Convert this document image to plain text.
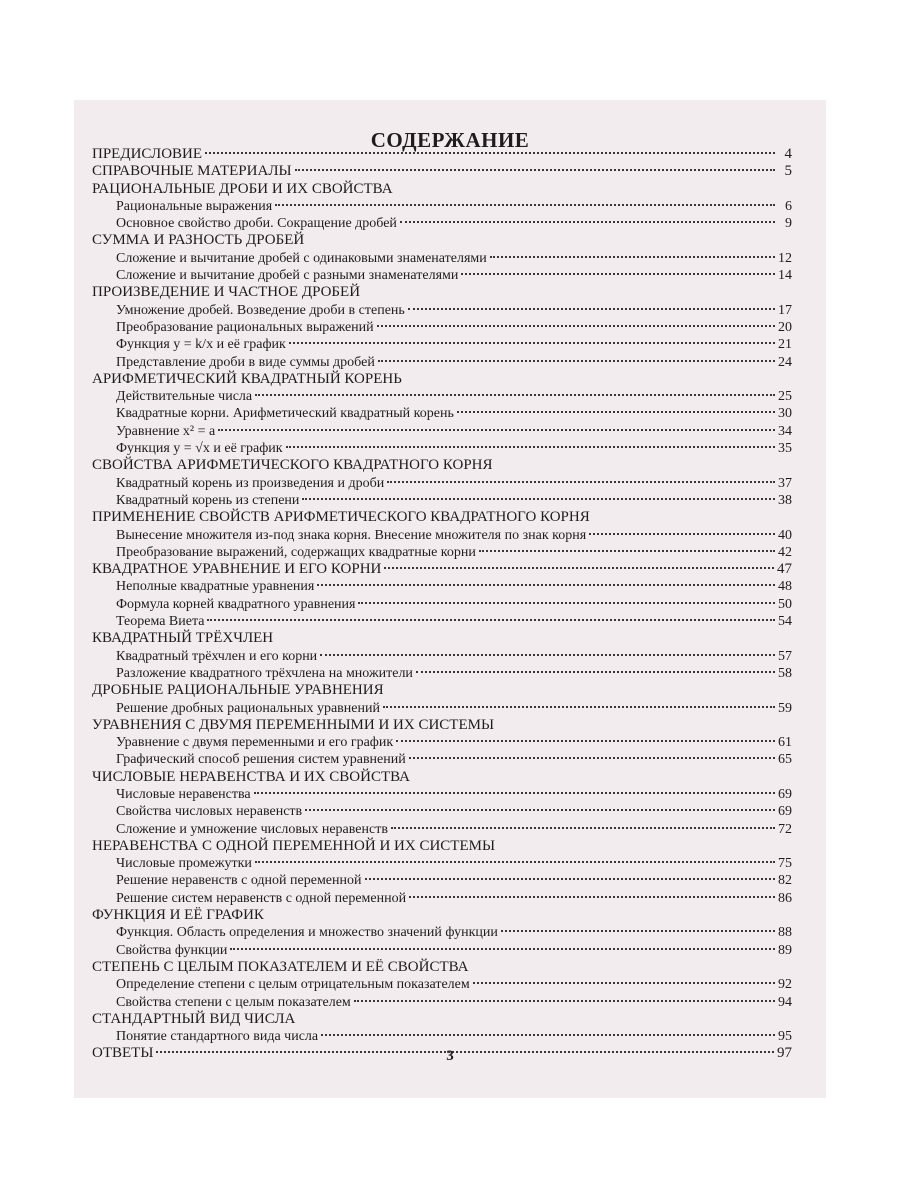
СОДЕРЖАНИЕ
ПРЕДИСЛОВИЕ	4
СПРАВОЧНЫЕ МАТЕРИАЛЫ	5
РАЦИОНАЛЬНЫЕ ДРОБИ И ИХ СВОЙСТВА
Рациональные выражения	6
Основное свойство дроби. Сокращение дробей	9
СУММА И РАЗНОСТЬ ДРОБЕЙ
Сложение и вычитание дробей с одинаковыми знаменателями	12
Сложение и вычитание дробей с разными знаменателями	14
ПРОИЗВЕДЕНИЕ И ЧАСТНОЕ ДРОБЕЙ
Умножение дробей. Возведение дроби в степень	17
Преобразование рациональных выражений	20
Функция y = k/x и её график	21
Представление дроби в виде суммы дробей	24
АРИФМЕТИЧЕСКИЙ КВАДРАТНЫЙ КОРЕНЬ
Действительные числа	25
Квадратные корни. Арифметический квадратный корень	30
Уравнение x² = a	34
Функция y = √x и её график	35
СВОЙСТВА АРИФМЕТИЧЕСКОГО КВАДРАТНОГО КОРНЯ
Квадратный корень из произведения и дроби	37
Квадратный корень из степени	38
ПРИМЕНЕНИЕ СВОЙСТВ АРИФМЕТИЧЕСКОГО КВАДРАТНОГО КОРНЯ
Вынесение множителя из-под знака корня. Внесение множителя по знак корня	40
Преобразование выражений, содержащих квадратные корни	42
КВАДРАТНОЕ УРАВНЕНИЕ И ЕГО КОРНИ	47
Неполные квадратные уравнения	48
Формула корней квадратного уравнения	50
Теорема Виета	54
КВАДРАТНЫЙ ТРЁХЧЛЕН
Квадратный трёхчлен и его корни	57
Разложение квадратного трёхчлена на множители	58
ДРОБНЫЕ РАЦИОНАЛЬНЫЕ УРАВНЕНИЯ
Решение дробных рациональных уравнений	59
УРАВНЕНИЯ С ДВУМЯ ПЕРЕМЕННЫМИ И ИХ СИСТЕМЫ
Уравнение с двумя переменными и его график	61
Графический способ решения систем уравнений	65
ЧИСЛОВЫЕ НЕРАВЕНСТВА И ИХ СВОЙСТВА
Числовые неравенства	69
Свойства числовых неравенств	69
Сложение и умножение числовых неравенств	72
НЕРАВЕНСТВА С ОДНОЙ ПЕРЕМЕННОЙ И ИХ СИСТЕМЫ
Числовые промежутки	75
Решение неравенств с одной переменной	82
Решение систем неравенств с одной переменной	86
ФУНКЦИЯ И ЕЁ ГРАФИК
Функция. Область определения и множество значений функции	88
Свойства функции	89
СТЕПЕНЬ С ЦЕЛЫМ ПОКАЗАТЕЛЕМ И ЕЁ СВОЙСТВА
Определение степени с целым отрицательным показателем	92
Свойства степени с целым показателем	94
СТАНДАРТНЫЙ ВИД ЧИСЛА
Понятие стандартного вида числа	95
ОТВЕТЫ	97
3
